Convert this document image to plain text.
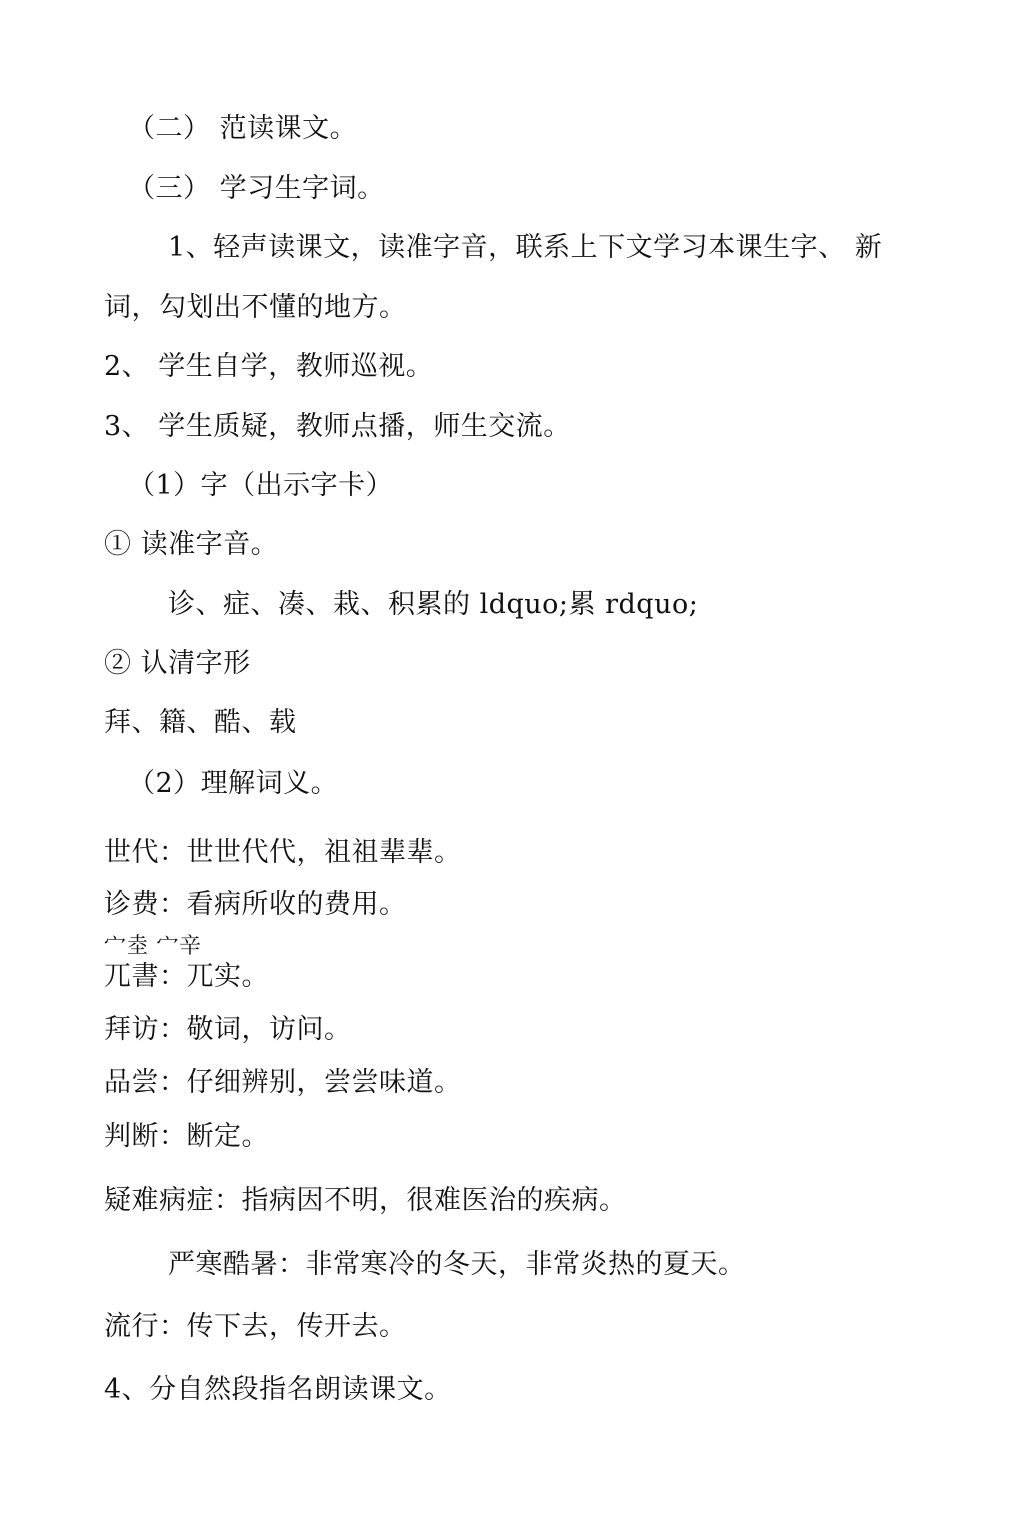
（二） 范读课文。
（三） 学习生字词。
1、轻声读课文，读准字音，联系上下文学习本课生字、 新
词，勾划出不懂的地方。
2、 学生自学，教师巡视。
3、 学生质疑，教师点播，师生交流。
（1）字（出示字卡）
① 读准字音。
诊、症、凑、栽、积累的 ldquo;累 rdquo;
② 认清字形
拜、籍、酷、载
（2）理解词义。
世代：世世代代，祖祖辈辈。
诊费：看病所收的费用。
宀坴 宀辛
兀書：兀实。
拜访：敬词，访问。
品尝：仔细辨别，尝尝味道。
判断：断定。
疑难病症：指病因不明，很难医治的疾病。
严寒酷暑：非常寒冷的冬天，非常炎热的夏天。
流行：传下去，传开去。
4、分自然段指名朗读课文。
